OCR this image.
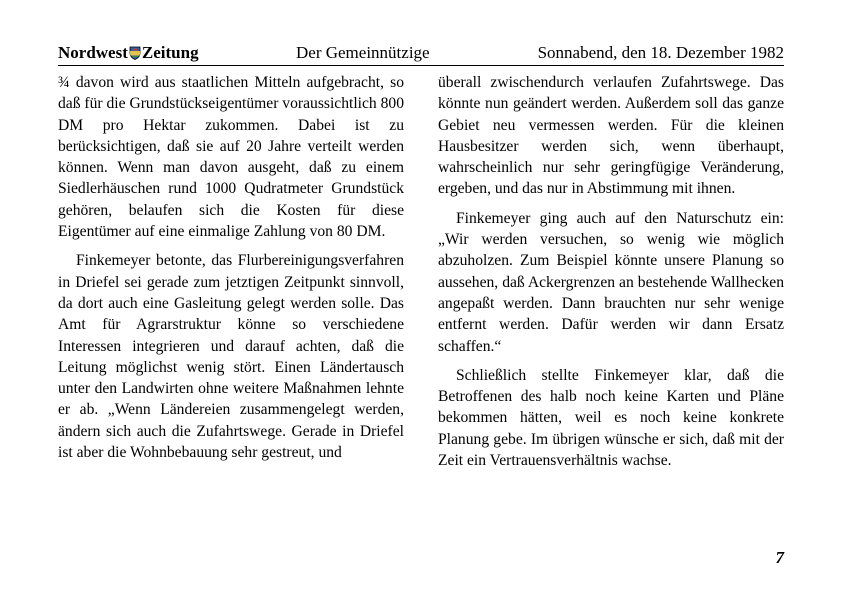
Nordwest Zeitung	Der Gemeinnützige	Sonnabend, den 18. Dezember 1982

¾ davon wird aus staatlichen Mitteln aufgebracht, so daß für die Grundstückseigentümer voraussichtlich 800 DM pro Hektar zukommen. Dabei ist zu berücksichtigen, daß sie auf 20 Jahre verteilt werden können. Wenn man davon ausgeht, daß zu einem Siedlerhäuschen rund 1000 Qudratmeter Grundstück gehören, belaufen sich die Kosten für diese Eigentümer auf eine einmalige Zahlung von 80 DM.

Finkemeyer betonte, das Flurbereinigungsverfahren in Driefel sei gerade zum jetztigen Zeitpunkt sinnvoll, da dort auch eine Gasleitung gelegt werden solle. Das Amt für Agrarstruktur könne so verschiedene Interessen integrieren und darauf achten, daß die Leitung möglichst wenig stört. Einen Ländertausch unter den Landwirten ohne weitere Maßnahmen lehnte er ab. „Wenn Ländereien zusammengelegt werden, ändern sich auch die Zufahrtswege. Gerade in Driefel ist aber die Wohnbebauung sehr gestreut, und

überall zwischendurch verlaufen Zufahrtswege. Das könnte nun geändert werden. Außerdem soll das ganze Gebiet neu vermessen werden. Für die kleinen Hausbesitzer werden sich, wenn überhaupt, wahrscheinlich nur sehr geringfügige Veränderung, ergeben, und das nur in Abstimmung mit ihnen.

Finkemeyer ging auch auf den Naturschutz ein: „Wir werden versuchen, so wenig wie möglich abzuholzen. Zum Beispiel könnte unsere Planung so aussehen, daß Ackergrenzen an bestehende Wallhecken angepaßt werden. Dann brauchten nur sehr wenige entfernt werden. Dafür werden wir dann Ersatz schaffen.“

Schließlich stellte Finkemeyer klar, daß die Betroffenen des halb noch keine Karten und Pläne bekommen hätten, weil es noch keine konkrete Planung gebe. Im übrigen wünsche er sich, daß mit der Zeit ein Vertrauensverhältnis wachse.

7
